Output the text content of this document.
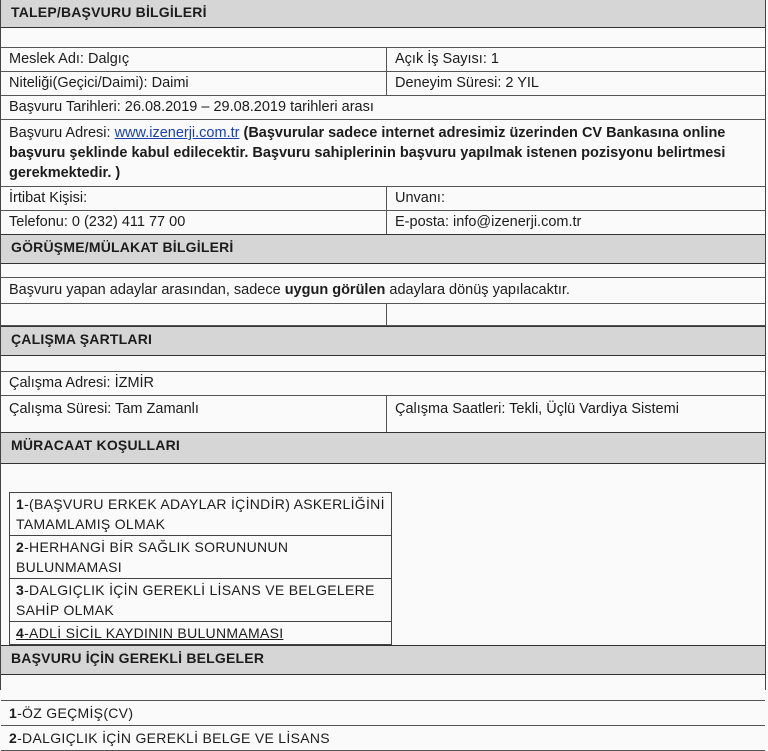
TALEP/BAŞVURU BİLGİLERİ
Meslek Adı: Dalgıç	Açık İş Sayısı: 1
Niteliği(Geçici/Daimi): Daimi	Deneyim Süresi: 2 YIL
Başvuru Tarihleri: 26.08.2019 – 29.08.2019 tarihleri arası
Başvuru Adresi: www.izenerji.com.tr (Başvurular sadece internet adresimiz üzerinden CV Bankasına online başvuru şeklinde kabul edilecektir. Başvuru sahiplerinin başvuru yapılmak istenen pozisyonu belirtmesi gerekmektedir. )
İrtibat Kişisi:	Unvanı:
Telefonu: 0 (232) 411 77 00	E-posta: info@izenerji.com.tr
GÖRÜŞME/MÜLAKAT BİLGİLERİ
Başvuru yapan adaylar arasından, sadece uygun görülen adaylara dönüş yapılacaktır.
ÇALIŞMA ŞARTLARI
Çalışma Adresi: İZMİR
Çalışma Süresi: Tam Zamanlı	Çalışma Saatleri: Tekli, Üçlü Vardiya Sistemi
MÜRACAAT KOŞULLARI
1-(BAŞVURU ERKEK ADAYLAR İÇİNDİR) ASKERLİĞİNİ TAMAMLAMIŞ OLMAK
2-HERHANGİ BİR SAĞLIK SORUNUNUN BULUNMAMASI
3-DALGIÇLIK İÇİN GEREKLİ LİSANS VE BELGELERE SAHİP OLMAK
4-ADLİ SİCİL KAYDININ BULUNMAMASI
BAŞVURU İÇİN GEREKLİ BELGELER
1-ÖZ GEÇMİŞ(CV)
2-DALGIÇLIK İÇİN GEREKLİ BELGE VE LİSANS
